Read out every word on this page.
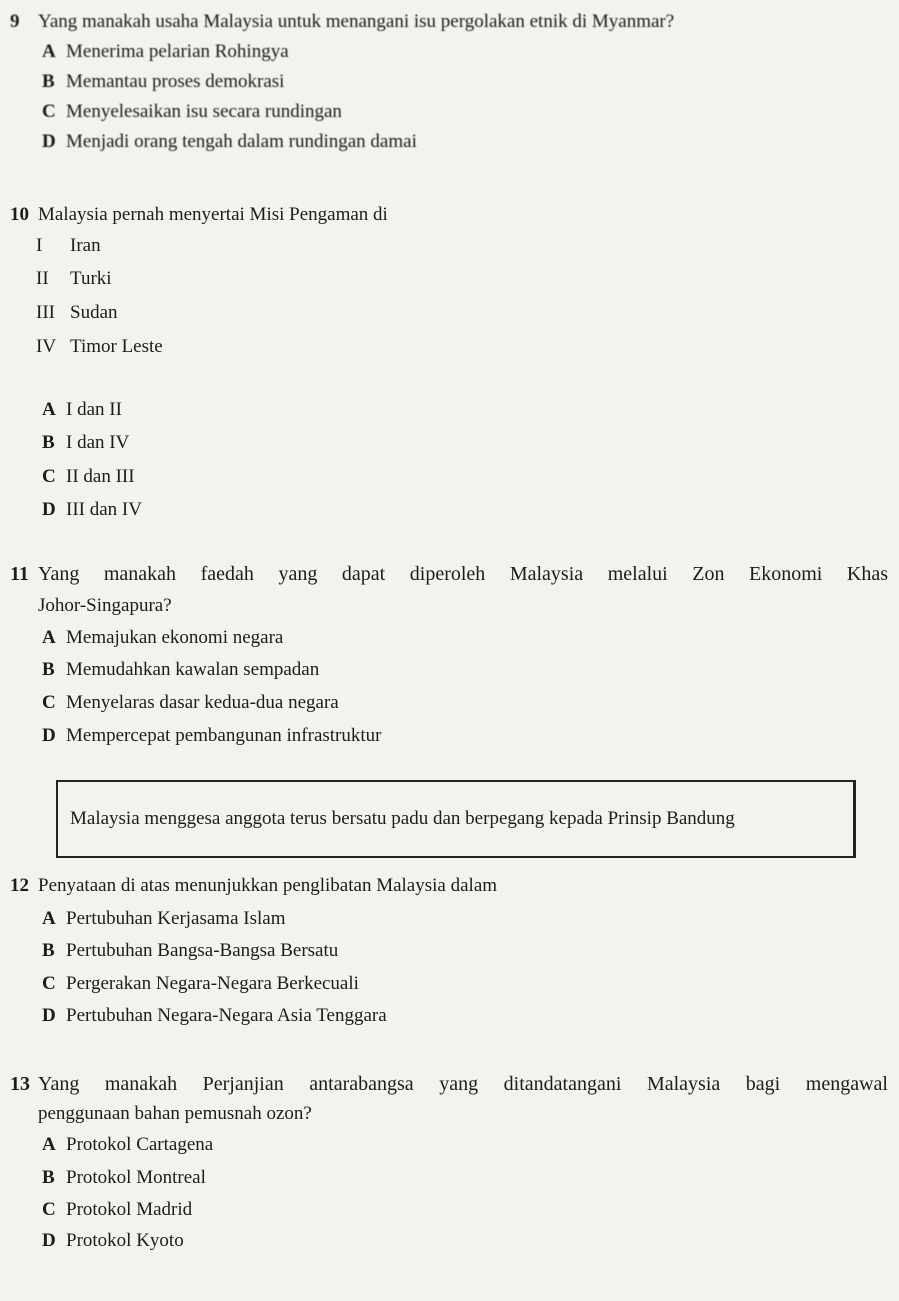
9 Yang manakah usaha Malaysia untuk menangani isu pergolakan etnik di Myanmar?
A Menerima pelarian Rohingya
B Memantau proses demokrasi
C Menyelesaikan isu secara rundingan
D Menjadi orang tengah dalam rundingan damai
10 Malaysia pernah menyertai Misi Pengaman di
I Iran
II Turki
III Sudan
IV Timor Leste
A I dan II
B I dan IV
C II dan III
D III dan IV
11 Yang manakah faedah yang dapat diperoleh Malaysia melalui Zon Ekonomi Khas
Johor-Singapura?
A Memajukan ekonomi negara
B Memudahkan kawalan sempadan
C Menyelaras dasar kedua-dua negara
D Mempercepat pembangunan infrastruktur
Malaysia menggesa anggota terus bersatu padu dan berpegang kepada Prinsip Bandung
12 Penyataan di atas menunjukkan penglibatan Malaysia dalam
A Pertubuhan Kerjasama Islam
B Pertubuhan Bangsa-Bangsa Bersatu
C Pergerakan Negara-Negara Berkecuali
D Pertubuhan Negara-Negara Asia Tenggara
13 Yang manakah Perjanjian antarabangsa yang ditandatangani Malaysia bagi mengawal
penggunaan bahan pemusnah ozon?
A Protokol Cartagena
B Protokol Montreal
C Protokol Madrid
D Protokol Kyoto
